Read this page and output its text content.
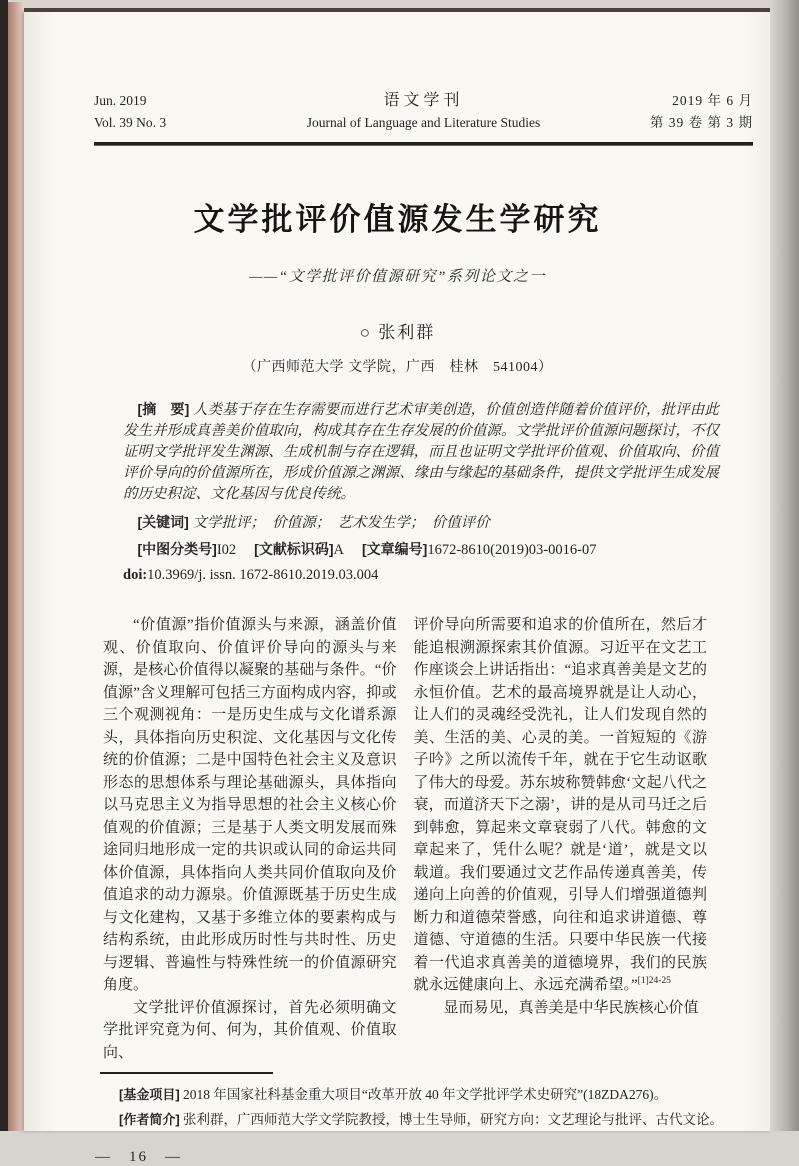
Jun. 2019
Vol. 39 No. 3
语文学刊
Journal of Language and Literature Studies
2019 年 6 月
第 39 卷 第 3 期
文学批评价值源发生学研究
——“文学批评价值源研究”系列论文之一
○ 张利群
（广西师范大学 文学院，广西　桂林　541004）
[摘　要] 人类基于存在生存需要而进行艺术审美创造，价值创造伴随着价值评价，批评由此发生并形成真善美价值取向，构成其存在生存发展的价值源。文学批评价值源问题探讨，不仅证明文学批评发生渊源、生成机制与存在逻辑，而且也证明文学批评价值观、价值取向、价值评价导向的价值源所在，形成价值源之渊源、缘由与缘起的基础条件，提供文学批评生成发展的历史积淀、文化基因与优良传统。
[关键词] 文学批评；　价值源；　艺术发生学；　价值评价
[中图分类号]I02 [文献标识码]A [文章编号]1672-8610(2019)03-0016-07
doi:10.3969/j. issn. 1672-8610.2019.03.004

“价值源”指价值源头与来源，涵盖价值观、价值取向、价值评价导向的源头与来源，是核心价值得以凝聚的基础与条件。“价值源”含义理解可包括三方面构成内容，抑或三个观测视角：一是历史生成与文化谱系源头，具体指向历史积淀、文化基因与文化传统的价值源；二是中国特色社会主义及意识形态的思想体系与理论基础源头，具体指向以马克思主义为指导思想的社会主义核心价值观的价值源；三是基于人类文明发展而殊途同归地形成一定的共识或认同的命运共同体价值源，具体指向人类共同价值取向及价值追求的动力源泉。价值源既基于历史生成与文化建构，又基于多维立体的要素构成与结构系统，由此形成历时性与共时性、历史与逻辑、普遍性与特殊性统一的价值源研究角度。

文学批评价值源探讨，首先必须明确文学批评究竟为何、何为，其价值观、价值取向、

评价导向所需要和追求的价值所在，然后才能追根溯源探索其价值源。习近平在文艺工作座谈会上讲话指出：“追求真善美是文艺的永恒价值。艺术的最高境界就是让人动心，让人们的灵魂经受洗礼，让人们发现自然的美、生活的美、心灵的美。一首短短的《游子吟》之所以流传千年，就在于它生动讴歌了伟大的母爱。苏东坡称赞韩愈‘文起八代之衰，而道济天下之溺’，讲的是从司马迁之后到韩愈，算起来文章衰弱了八代。韩愈的文章起来了，凭什么呢？就是‘道’，就是文以载道。我们要通过文艺作品传递真善美，传递向上向善的价值观，引导人们增强道德判断力和道德荣誉感，向往和追求讲道德、尊道德、守道德的生活。只要中华民族一代接着一代追求真善美的道德境界，我们的民族就永远健康向上、永远充满希望。”$^{[1]24-25}$

显而易见，真善美是中华民族核心价值

[基金项目] 2018 年国家社科基金重大项目“改革开放 40 年文学批评学术史研究”(18ZDA276)。

[作者简介] 张利群，广西师范大学文学院教授，博士生导师，研究方向：文艺理论与批评、古代文论。

—　16　—
